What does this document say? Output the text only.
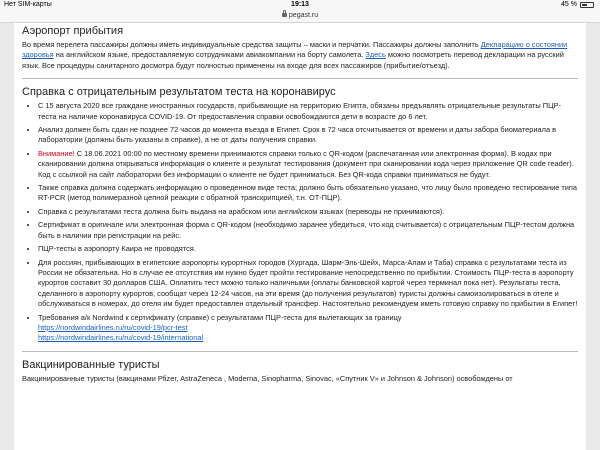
Нет SIM-карты	19:13	45 %
pegast.ru
Аэропорт прибытия

Во время перелета пассажиры должны иметь индивидуальные средства защиты – маски и перчатки. Пассажиры должны заполнить Декларацию о состоянии здоровья на английском языке, предоставляемую сотрудниками авиакомпании на борту самолета. Здесь можно посмотреть перевод декларации на русский язык. Все процедуры санитарного досмотра будут полностью применены на входе для всех пассажиров (прибытие/отъезд).

Справка с отрицательным результатом теста на коронавирус
• С 15 августа 2020 все граждане иностранных государств, прибывающие на территорию Египта, обязаны предъявлять отрицательные результаты ПЦР-теста на наличие коронавируса COVID-19. От предоставления справки освобождаются дети в возрасте до 6 лет.
• Анализ должен быть сдан не позднее 72 часов до момента въезда в Египет. Срок в 72 часа отсчитывается от времени и даты забора биоматериала в лаборатории (должны быть указаны в справке), а не от даты получения справки.
• Внимание! С 18.06.2021 00:00 по местному времени принимаются справки только с QR-кодом (распечатанная или электронная форма). В кодах при сканировании должна открываться информация о клиенте и результат тестирования (документ при сканировании кода через приложение QR code reader). Код с ссылкой на сайт лаборатории без информации о клиенте не будет приниматься. Без QR-кода справки приниматься не будут.
• Также справка должна содержать информацию о проведенном виде теста; должно быть обязательно указано, что лицу было проведено тестирование типа RT-PCR (метод полимеразной цепной реакции с обратной транскрипцией, т.н. ОТ-ПЦР).
• Справка с результатами теста должна быть выдана на арабском или английском языках (переводы не принимаются).
• Сертификат в оригинале или электронная форма с QR-кодом (необходимо заранее убедиться, что код считывается) с отрицательным ПЦР-тестом должна быть в наличии при регистрации на рейс.
• ПЦР-тесты в аэропорту Каира не проводятся.
• Для россиян, прибывающих в египетские аэропорты курортных городов (Хургада, Шарм-Эль-Шейх, Марса-Алам и Таба) справка с результатами теста из России не обязательна. Но в случае ее отсутствия им нужно будет пройти тестирование непосредственно по прибытии. Стоимость ПЦР-теста в аэропорту курортов составит 30 долларов США. Оплатить тест можно только наличными (оплаты банковской картой через терминал пока нет). Результаты теста, сделанного в аэропорту курортов, сообщат через 12-24 часов, на эти время (до получения результатов) туристы должны самоизолироваться в отеле и обслуживаться в номерах, до отеля им будет предоставлен отдельный трансфер. Настоятельно рекомендуем иметь готовую справку по прибытии в Египет!
• Требования а/к Nordwind к сертификату (справке) с результатами ПЦР-теста для вылетающих за границу
https://nordwindairlines.ru/ru/covid-19/pcr-test
https://nordwindairlines.ru/ru/covid-19/international
Вакцинированные туристы

Вакцинированные туристы (вакцинами Pfizer, AstraZeneca , Moderna, Sinopharma, Sinovac, «Спутник V» и Johnson & Johnson) освобождены от
